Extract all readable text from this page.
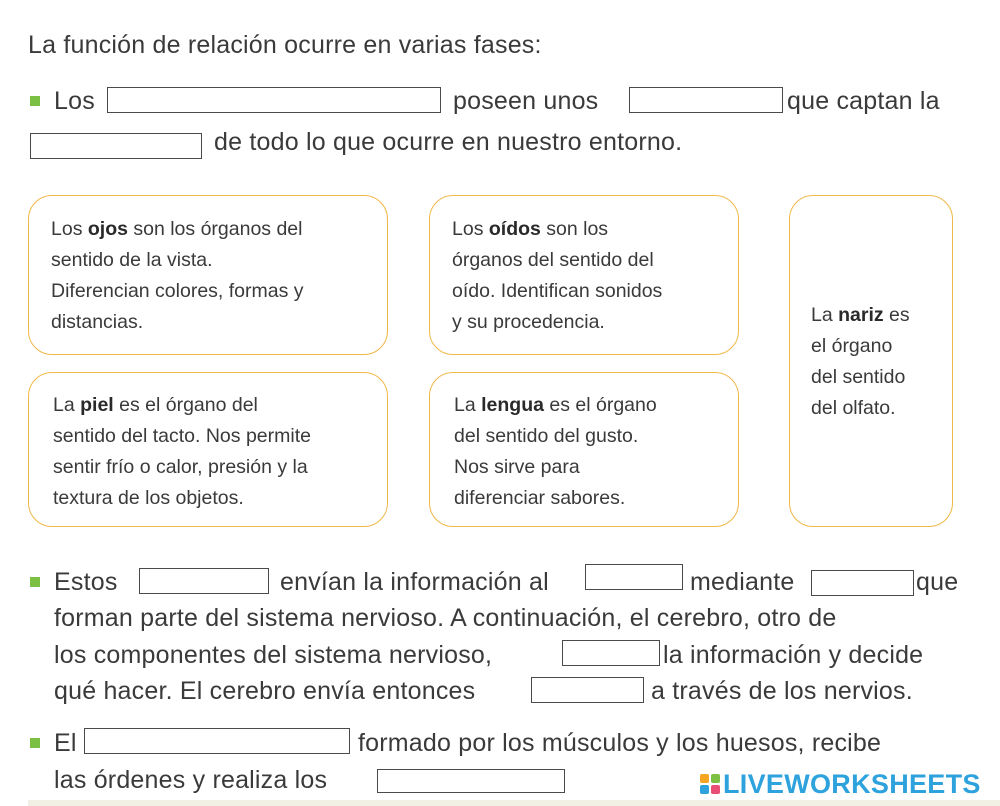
La función de relación ocurre en varias fases:
Los	poseen unos	que captan la
de todo lo que ocurre en nuestro entorno.
Los ojos son los órganos del
sentido de la vista.
Diferencian colores, formas y
distancias.
Los oídos son los
órganos del sentido del
oído. Identifican sonidos
y su procedencia.	La nariz es
el órgano
del sentido
del olfato.
La piel es el órgano del
sentido del tacto. Nos permite
sentir frío o calor, presión y la
textura de los objetos.
La lengua es el órgano
del sentido del gusto.
Nos sirve para
diferenciar sabores.
Estos	envían la información al	mediante	que
forman parte del sistema nervioso. A continuación, el cerebro, otro de
los componentes del sistema nervioso,	la información y decide
qué hacer. El cerebro envía entonces	a través de los nervios.
El	formado por los músculos y los huesos, recibe
las órdenes y realiza los	LIVEWORKSHEETS
